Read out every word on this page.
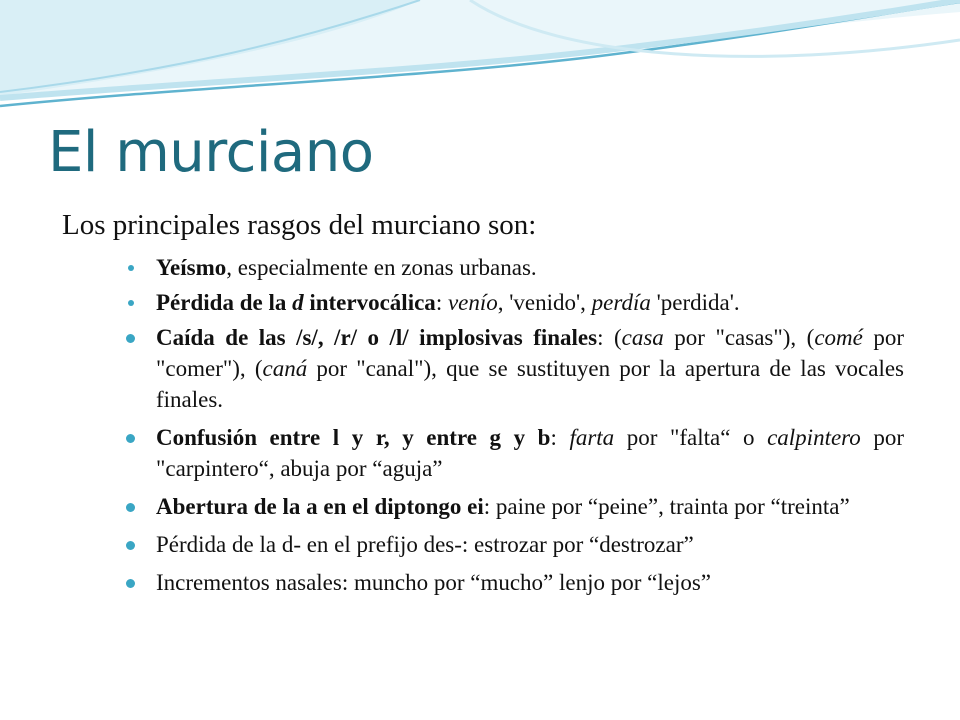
El murciano
Los principales rasgos del murciano son:
Yeísmo, especialmente en zonas urbanas.
Pérdida de la d intervocálica: venío, 'venido', perdía 'perdida'.
Caída de las /s/, /r/ o /l/ implosivas finales: (casa por "casas"), (comé por "comer"), (caná por "canal"), que se sustituyen por la apertura de las vocales finales.
Confusión entre l y r, y entre g y b: farta por "falta“ o calpintero por "carpintero“, abuja por “aguja”
Abertura de la a en el diptongo ei: paine por “peine”, trainta por “treinta”
Pérdida de la d- en el prefijo des-: estrozar por “destrozar”
Incrementos nasales: muncho por “mucho” lenjo por “lejos”
